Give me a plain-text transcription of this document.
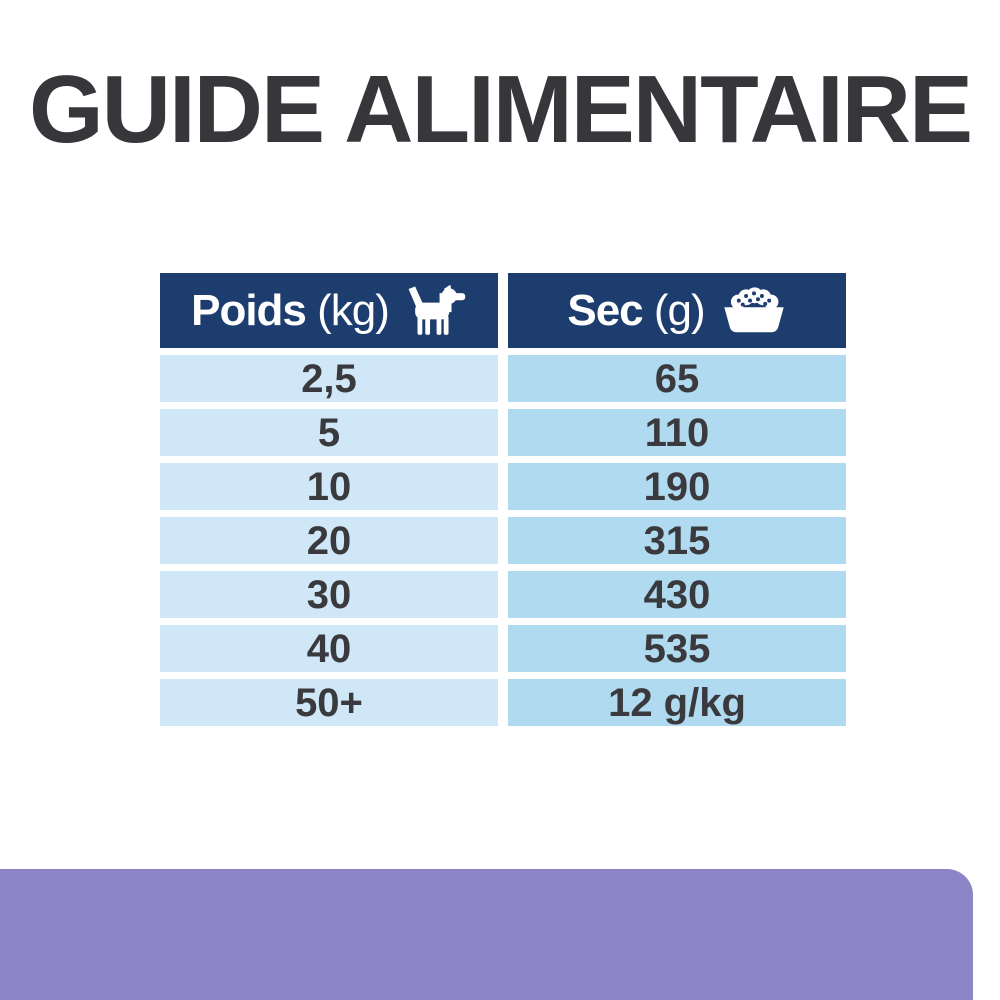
GUIDE ALIMENTAIRE
Poids (kg)	Sec (g)
2,5	65
5	110
10	190
20	315
30	430
40	535
50+	12 g/kg
